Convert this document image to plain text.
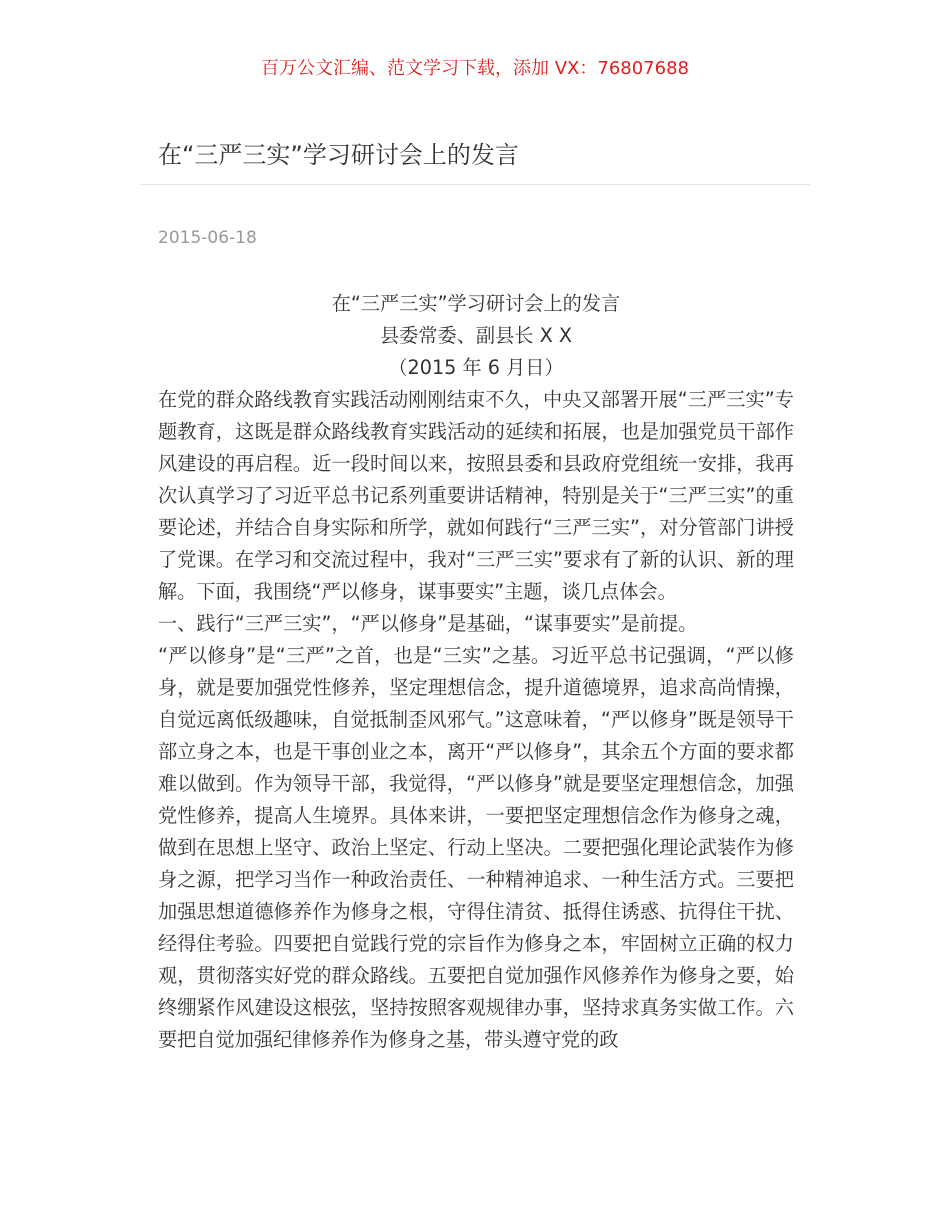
百万公文汇编、范文学习下载，添加 VX：76807688
在“三严三实”学习研讨会上的发言
2015-06-18

在“三严三实”学习研讨会上的发言

县委常委、副县长 X X

（2015 年 6 月日）

在党的群众路线教育实践活动刚刚结束不久，中央又部署开展“三严三实”专题教育，这既是群众路线教育实践活动的延续和拓展，也是加强党员干部作风建设的再启程。近一段时间以来，按照县委和县政府党组统一安排，我再次认真学习了习近平总书记系列重要讲话精神，特别是关于“三严三实”的重要论述，并结合自身实际和所学，就如何践行“三严三实”，对分管部门讲授了党课。在学习和交流过程中，我对“三严三实”要求有了新的认识、新的理解。下面，我围绕“严以修身，谋事要实”主题，谈几点体会。

一、践行“三严三实”，“严以修身”是基础，“谋事要实”是前提。

“严以修身”是“三严”之首，也是“三实”之基。习近平总书记强调，“严以修身，就是要加强党性修养，坚定理想信念，提升道德境界，追求高尚情操，自觉远离低级趣味，自觉抵制歪风邪气。”这意味着，“严以修身”既是领导干部立身之本，也是干事创业之本，离开“严以修身”，其余五个方面的要求都难以做到。作为领导干部，我觉得，“严以修身”就是要坚定理想信念，加强党性修养，提高人生境界。具体来讲，一要把坚定理想信念作为修身之魂，做到在思想上坚守、政治上坚定、行动上坚决。二要把强化理论武装作为修身之源，把学习当作一种政治责任、一种精神追求、一种生活方式。三要把加强思想道德修养作为修身之根，守得住清贫、抵得住诱惑、抗得住干扰、经得住考验。四要把自觉践行党的宗旨作为修身之本，牢固树立正确的权力观，贯彻落实好党的群众路线。五要把自觉加强作风修养作为修身之要，始终绷紧作风建设这根弦，坚持按照客观规律办事，坚持求真务实做工作。六要把自觉加强纪律修养作为修身之基，带头遵守党的政
